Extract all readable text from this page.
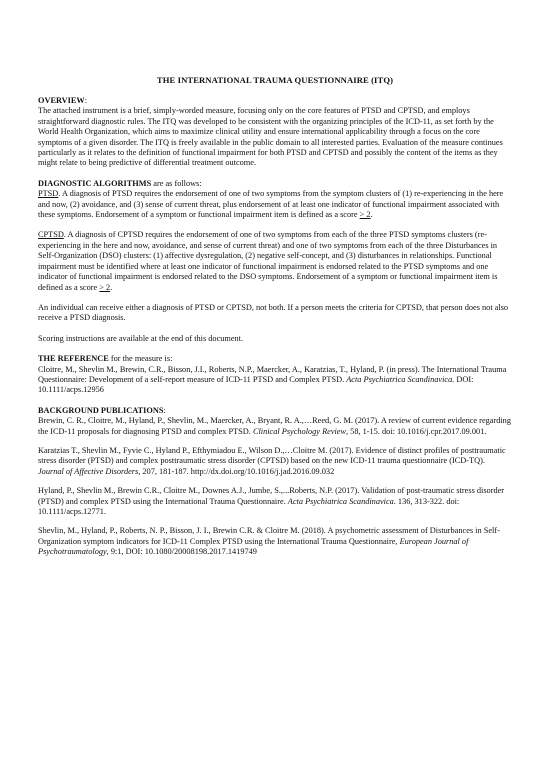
THE INTERNATIONAL TRAUMA QUESTIONNAIRE (ITQ)

OVERVIEW:

The attached instrument is a brief, simply-worded measure, focusing only on the core features of PTSD and CPTSD, and employs straightforward diagnostic rules. The ITQ was developed to be consistent with the organizing principles of the ICD-11, as set forth by the World Health Organization, which aims to maximize clinical utility and ensure international applicability through a focus on the core symptoms of a given disorder. The ITQ is freely available in the public domain to all interested parties. Evaluation of the measure continues particularly as it relates to the definition of functional impairment for both PTSD and CPTSD and possibly the content of the items as they might relate to being predictive of differential treatment outcome.

DIAGNOSTIC ALGORITHMS are as follows:

PTSD. A diagnosis of PTSD requires the endorsement of one of two symptoms from the symptom clusters of (1) re-experiencing in the here and now, (2) avoidance, and (3) sense of current threat, plus endorsement of at least one indicator of functional impairment associated with these symptoms. Endorsement of a symptom or functional impairment item is defined as a score > 2.

CPTSD. A diagnosis of CPTSD requires the endorsement of one of two symptoms from each of the three PTSD symptoms clusters (re-experiencing in the here and now, avoidance, and sense of current threat) and one of two symptoms from each of the three Disturbances in Self-Organization (DSO) clusters: (1) affective dysregulation, (2) negative self-concept, and (3) disturbances in relationships. Functional impairment must be identified where at least one indicator of functional impairment is endorsed related to the PTSD symptoms and one indicator of functional impairment is endorsed related to the DSO symptoms. Endorsement of a symptom or functional impairment item is defined as a score > 2.

An individual can receive either a diagnosis of PTSD or CPTSD, not both. If a person meets the criteria for CPTSD, that person does not also receive a PTSD diagnosis.

Scoring instructions are available at the end of this document.

THE REFERENCE for the measure is:

Cloitre, M., Shevlin M., Brewin, C.R., Bisson, J.I., Roberts, N.P., Maercker, A., Karatzias, T., Hyland, P. (in press). The International Trauma Questionnaire: Development of a self-report measure of ICD-11 PTSD and Complex PTSD. Acta Psychiatrica Scandinavica. DOI: 10.1111/acps.12956

BACKGROUND PUBLICATIONS:

Brewin, C. R., Cloitre, M., Hyland, P., Shevlin, M., Maercker, A., Bryant, R. A.,…Reed, G. M. (2017). A review of current evidence regarding the ICD-11 proposals for diagnosing PTSD and complex PTSD. Clinical Psychology Review, 58, 1-15. doi: 10.1016/j.cpr.2017.09.001.

Karatzias T., Shevlin M., Fyvie C., Hyland P., Efthymiadou E., Wilson D.,…Cloitre M. (2017). Evidence of distinct profiles of posttraumatic stress disorder (PTSD) and complex posttraumatic stress disorder (CPTSD) based on the new ICD-11 trauma questionnaire (ICD-TQ). Journal of Affective Disorders, 207, 181-187. http://dx.doi.org/10.1016/j.jad.2016.09.032

Hyland, P., Shevlin M., Brewin C.R., Cloitre M., Downes A.J., Jumbe, S.,...Roberts, N.P. (2017). Validation of post-traumatic stress disorder (PTSD) and complex PTSD using the International Trauma Questionnaire. Acta Psychiatrica Scandinavica. 136, 313-322. doi: 10.1111/acps.12771.

Shevlin, M., Hyland, P., Roberts, N. P., Bisson, J. I., Brewin C.R. & Cloitre M. (2018). A psychometric assessment of Disturbances in Self-Organization symptom indicators for ICD-11 Complex PTSD using the International Trauma Questionnaire, European Journal of Psychotraumatology, 9:1, DOI: 10.1080/20008198.2017.1419749
